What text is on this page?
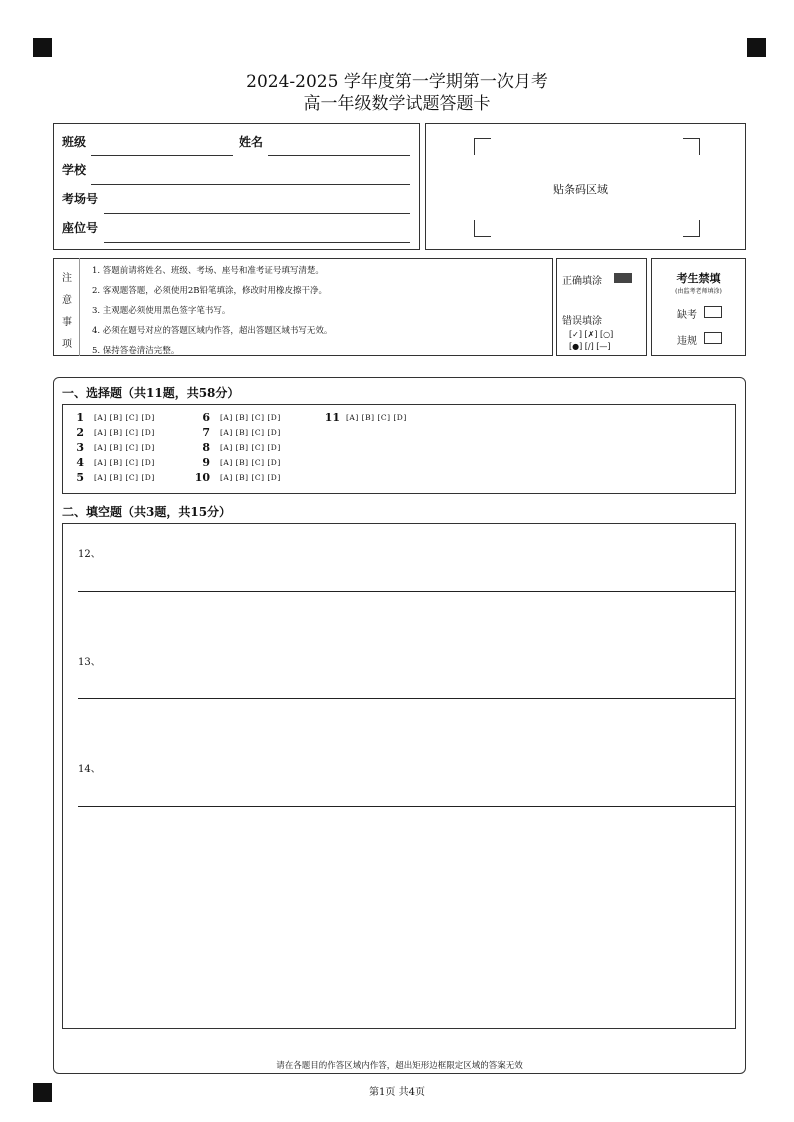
2024-2025 学年度第一学期第一次月考
高一年级数学试题答题卡
班级	姓名
学校
考场号
座位号
贴条码区域
注
意
事
项
1. 答题前请将姓名、班级、考场、座号和准考证号填写清楚。
2. 客观题答题，必须使用2B铅笔填涂，修改时用橡皮擦干净。
3. 主观题必须使用黑色签字笔书写。
4. 必须在题号对应的答题区域内作答，超出答题区域书写无效。
5. 保持答卷清洁完整。
正确填涂
错误填涂
[✓] [✗] [○]
[●] [/] [—]
考生禁填
(由监考老师填涂)
缺考
违规
一、选择题（共11题，共58分）
1 [A] [B] [C] [D]
2 [A] [B] [C] [D]
3 [A] [B] [C] [D]
4 [A] [B] [C] [D]
5 [A] [B] [C] [D]
6 [A] [B] [C] [D]
7 [A] [B] [C] [D]
8 [A] [B] [C] [D]
9 [A] [B] [C] [D]
10 [A] [B] [C] [D]
11 [A] [B] [C] [D]
二、填空题（共3题，共15分）
12、
13、
14、
请在各题目的作答区域内作答，超出矩形边框限定区域的答案无效
第1页 共4页
